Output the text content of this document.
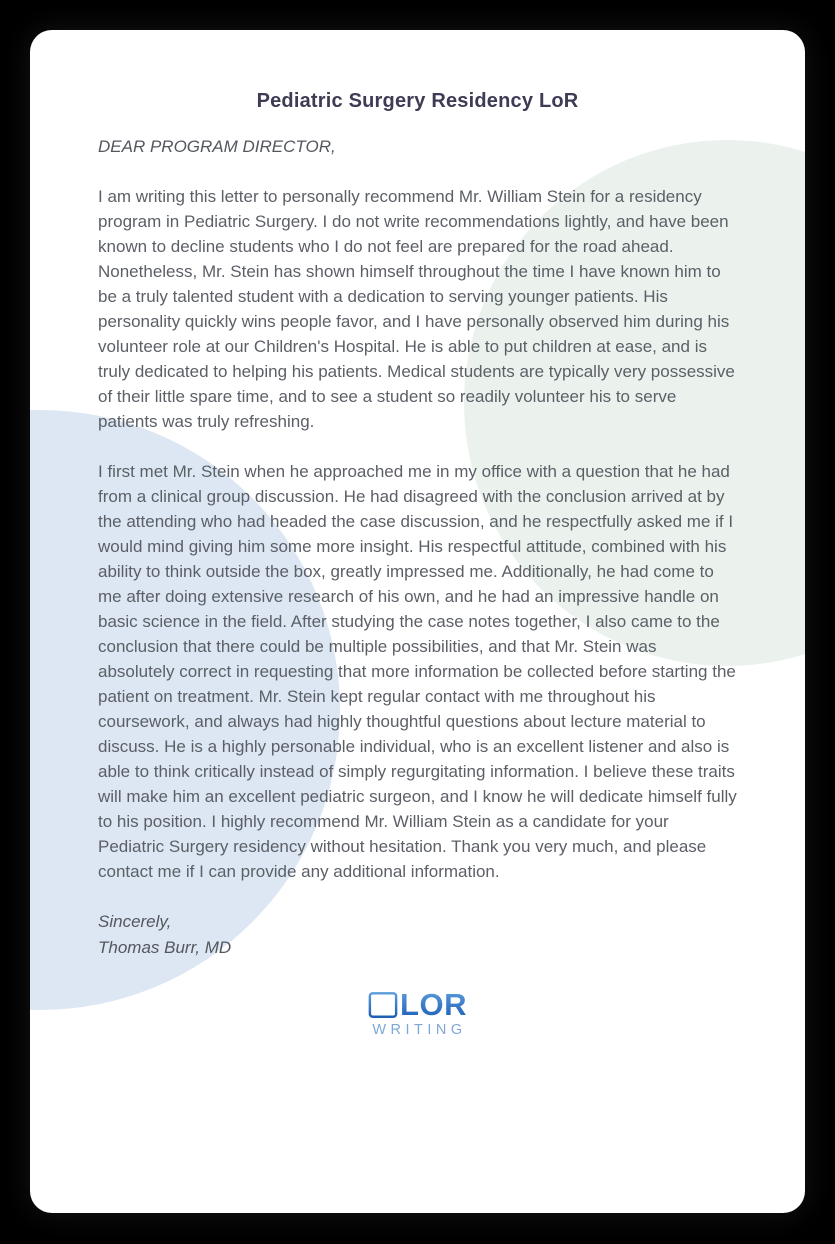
Pediatric Surgery Residency LoR

DEAR PROGRAM DIRECTOR,

I am writing this letter to personally recommend Mr. William Stein for a residency program in Pediatric Surgery. I do not write recommendations lightly, and have been known to decline students who I do not feel are prepared for the road ahead. Nonetheless, Mr. Stein has shown himself throughout the time I have known him to be a truly talented student with a dedication to serving younger patients. His personality quickly wins people favor, and I have personally observed him during his volunteer role at our Children's Hospital. He is able to put children at ease, and is truly dedicated to helping his patients. Medical students are typically very possessive of their little spare time, and to see a student so readily volunteer his to serve patients was truly refreshing.

I first met Mr. Stein when he approached me in my office with a question that he had from a clinical group discussion. He had disagreed with the conclusion arrived at by the attending who had headed the case discussion, and he respectfully asked me if I would mind giving him some more insight. His respectful attitude, combined with his ability to think outside the box, greatly impressed me. Additionally, he had come to me after doing extensive research of his own, and he had an impressive handle on basic science in the field. After studying the case notes together, I also came to the conclusion that there could be multiple possibilities, and that Mr. Stein was absolutely correct in requesting that more information be collected before starting the patient on treatment. Mr. Stein kept regular contact with me throughout his coursework, and always had highly thoughtful questions about lecture material to discuss. He is a highly personable individual, who is an excellent listener and also is able to think critically instead of simply regurgitating information. I believe these traits will make him an excellent pediatric surgeon, and I know he will dedicate himself fully to his position. I highly recommend Mr. William Stein as a candidate for your Pediatric Surgery residency without hesitation. Thank you very much, and please contact me if I can provide any additional information.

Sincerely,
Thomas Burr, MD
LOR
WRITING
